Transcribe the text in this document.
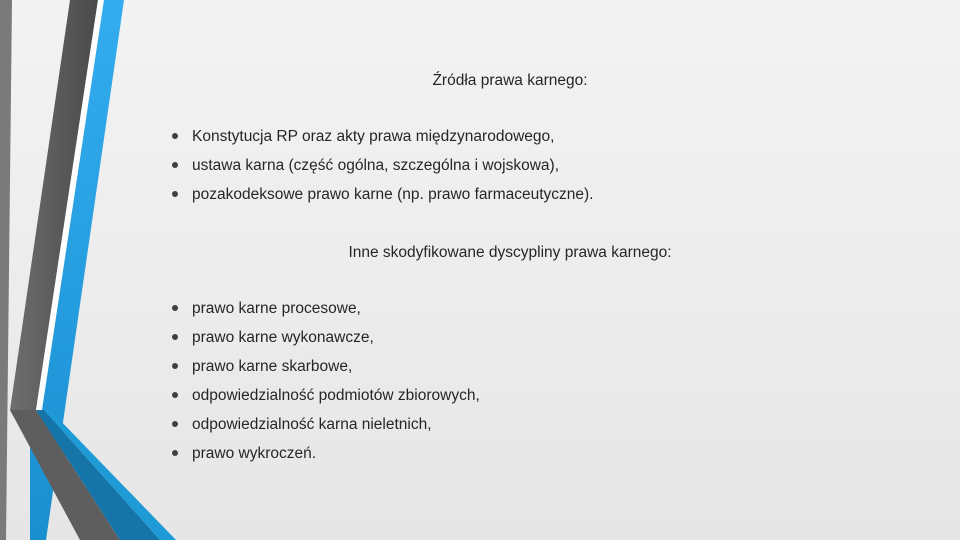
Źródła prawa karnego:
Konstytucja RP oraz akty prawa międzynarodowego,
ustawa karna (część ogólna, szczególna i wojskowa),
pozakodeksowe prawo karne (np. prawo farmaceutyczne).
Inne skodyfikowane dyscypliny prawa karnego:
prawo karne procesowe,
prawo karne wykonawcze,
prawo karne skarbowe,
odpowiedzialność podmiotów zbiorowych,
odpowiedzialność karna nieletnich,
prawo wykroczeń.
